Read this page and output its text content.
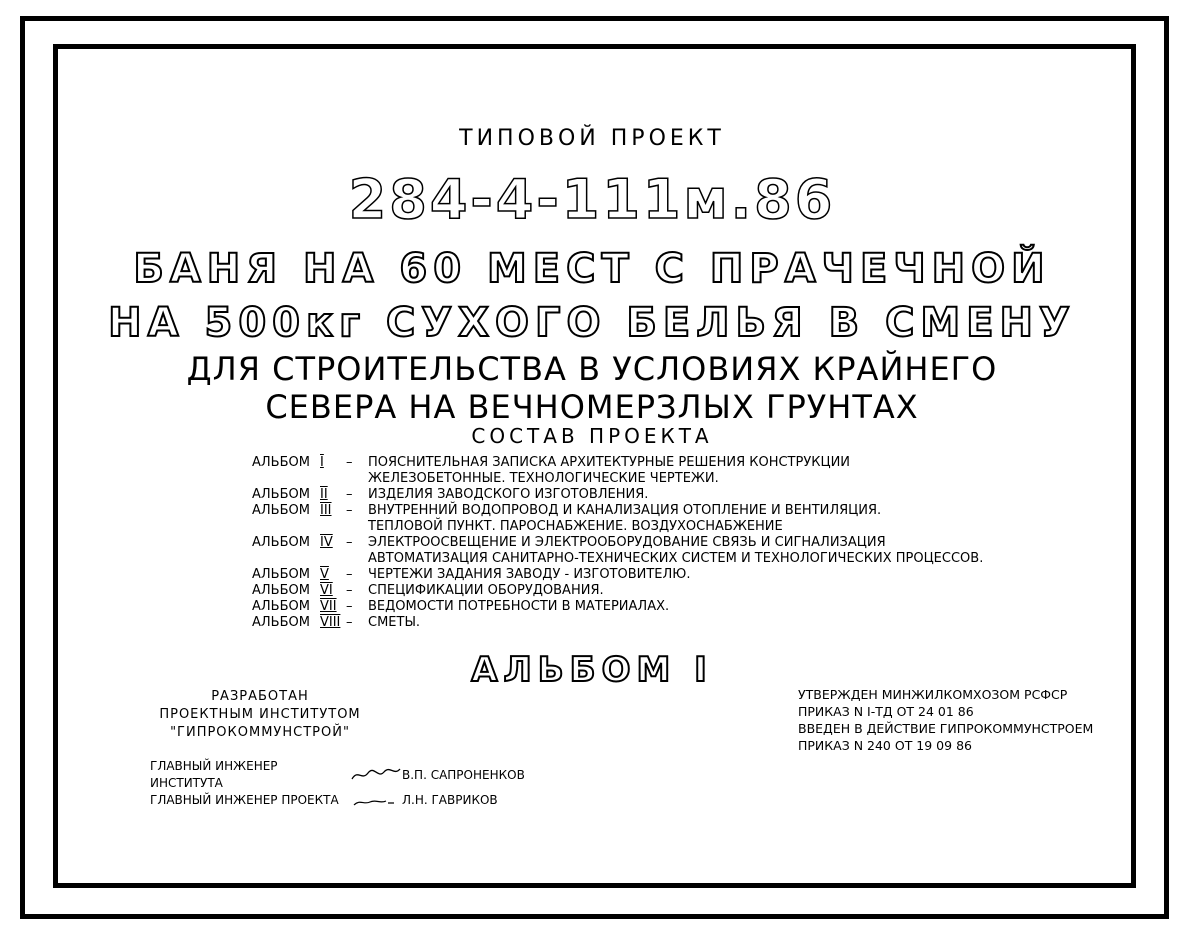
ТИПОВОЙ ПРОЕКТ
284-4-111м.86
БАНЯ НА 60 МЕСТ С ПРАЧЕЧНОЙ
НА 500кг СУХОГО БЕЛЬЯ В СМЕНУ
ДЛЯ СТРОИТЕЛЬСТВА В УСЛОВИЯХ КРАЙНЕГО
СЕВЕРА НА ВЕЧНОМЕРЗЛЫХ ГРУНТАХ
СОСТАВ ПРОЕКТА
АЛЬБОМ I	–	ПОЯСНИТЕЛЬНАЯ ЗАПИСКА АРХИТЕКТУРНЫЕ РЕШЕНИЯ КОНСТРУКЦИИ
ЖЕЛЕЗОБЕТОННЫЕ. ТЕХНОЛОГИЧЕСКИЕ ЧЕРТЕЖИ.
АЛЬБОМ II	–	ИЗДЕЛИЯ ЗАВОДСКОГО ИЗГОТОВЛЕНИЯ.
АЛЬБОМ III	–	ВНУТРЕННИЙ ВОДОПРОВОД И КАНАЛИЗАЦИЯ ОТОПЛЕНИЕ И ВЕНТИЛЯЦИЯ.
ТЕПЛОВОЙ ПУНКТ. ПАРОСНАБЖЕНИЕ. ВОЗДУХОСНАБЖЕНИЕ
АЛЬБОМ IV	–	ЭЛЕКТРООСВЕЩЕНИЕ И ЭЛЕКТРООБОРУДОВАНИЕ СВЯЗЬ И СИГНАЛИЗАЦИЯ
АВТОМАТИЗАЦИЯ САНИТАРНО-ТЕХНИЧЕСКИХ СИСТЕМ И ТЕХНОЛОГИЧЕСКИХ ПРОЦЕССОВ.
АЛЬБОМ V	–	ЧЕРТЕЖИ ЗАДАНИЯ ЗАВОДУ - ИЗГОТОВИТЕЛЮ.
АЛЬБОМ VI	–	СПЕЦИФИКАЦИИ ОБОРУДОВАНИЯ.
АЛЬБОМ VII –	ВЕДОМОСТИ ПОТРЕБНОСТИ В МАТЕРИАЛАХ.
АЛЬБОМ VIII –	СМЕТЫ.
АЛЬБОМ I
РАЗРАБОТАН
ПРОЕКТНЫМ ИНСТИТУТОМ
"ГИПРОКОММУНСТРОЙ"
УТВЕРЖДЕН МИНЖИЛКОМХОЗОМ РСФСР
ПРИКАЗ N I-ТД ОТ 24 01 86
ВВЕДЕН В ДЕЙСТВИЕ ГИПРОКОММУНСТРОЕМ
ПРИКАЗ N 240 ОТ 19 09 86
ГЛАВНЫЙ ИНЖЕНЕР ИНСТИТУТА
В.П. САПРОНЕНКОВ
ГЛАВНЫЙ ИНЖЕНЕР ПРОЕКТА	Л.Н. ГАВРИКОВ
